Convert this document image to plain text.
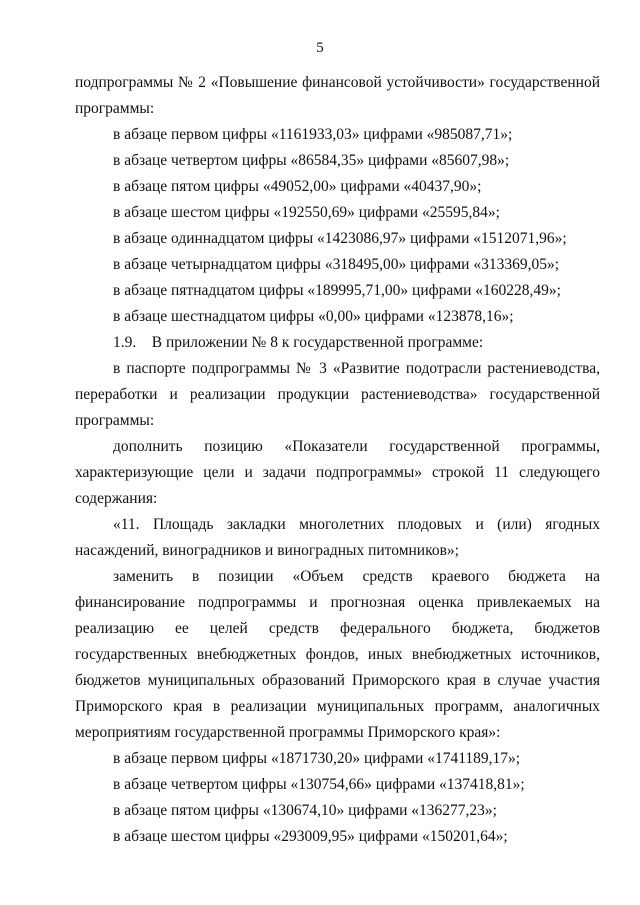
5

подпрограммы № 2 «Повышение финансовой устойчивости» государственной программы:

в абзаце первом цифры «1161933,03» цифрами «985087,71»;

в абзаце четвертом цифры «86584,35» цифрами «85607,98»;

в абзаце пятом цифры «49052,00» цифрами «40437,90»;

в абзаце шестом цифры «192550,69» цифрами «25595,84»;

в абзаце одиннадцатом цифры «1423086,97» цифрами «1512071,96»;

в абзаце четырнадцатом цифры «318495,00» цифрами «313369,05»;

в абзаце пятнадцатом цифры «189995,71,00» цифрами «160228,49»;

в абзаце шестнадцатом цифры «0,00» цифрами «123878,16»;

1.9.    В приложении № 8 к государственной программе:

в паспорте подпрограммы № 3 «Развитие подотрасли растениеводства, переработки и реализации продукции растениеводства» государственной программы:

дополнить позицию «Показатели государственной программы, характеризующие цели и задачи подпрограммы» строкой 11 следующего содержания:

«11. Площадь закладки многолетних плодовых и (или) ягодных насаждений, виноградников и виноградных питомников»;

заменить в позиции «Объем средств краевого бюджета на финансирование подпрограммы и прогнозная оценка привлекаемых на реализацию ее целей средств федерального бюджета, бюджетов государственных внебюджетных фондов, иных внебюджетных источников, бюджетов муниципальных образований Приморского края в случае участия Приморского края в реализации муниципальных программ, аналогичных мероприятиям государственной программы Приморского края»:

в абзаце первом цифры «1871730,20» цифрами «1741189,17»;

в абзаце четвертом цифры «130754,66» цифрами «137418,81»;

в абзаце пятом цифры «130674,10» цифрами «136277,23»;

в абзаце шестом цифры «293009,95» цифрами «150201,64»;
